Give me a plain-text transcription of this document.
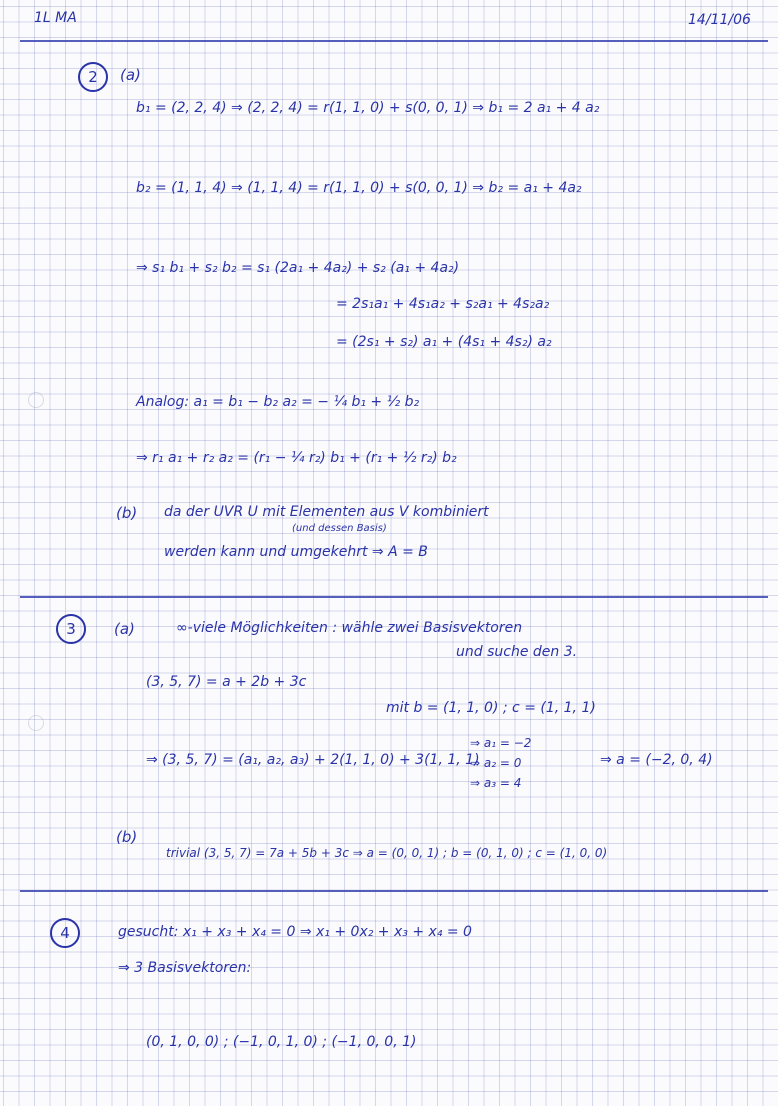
1L MA	14/11/06
2	(a)
b₁ = (2, 2, 4) ⇒ (2, 2, 4) = r(1, 1, 0) + s(0, 0, 1) ⇒ b₁ = 2 a₁ + 4 a₂
b₂ = (1, 1, 4) ⇒ (1, 1, 4) = r(1, 1, 0) + s(0, 0, 1) ⇒ b₂ = a₁ + 4a₂
⇒ s₁ b₁ + s₂ b₂ = s₁ (2a₁ + 4a₂) + s₂ (a₁ + 4a₂)
= 2s₁a₁ + 4s₁a₂ + s₂a₁ + 4s₂a₂
= (2s₁ + s₂) a₁ + (4s₁ + 4s₂) a₂
Analog: a₁ = b₁ − b₂ a₂ = − ¼ b₁ + ½ b₂
⇒ r₁ a₁ + r₂ a₂ = (r₁ − ¼ r₂) b₁ + (r₁ + ½ r₂) b₂
(b) da der UVR U mit Elementen aus V kombiniert
(und dessen Basis)
werden kann und umgekehrt ⇒ A = B
3	(a)	∞-viele Möglichkeiten : wähle zwei Basisvektoren
und suche den 3.
(3, 5, 7) = a + 2b + 3c
mit b = (1, 1, 0) ; c = (1, 1, 1)
⇒ (3, 5, 7) = (a₁, a₂, a₃) + 2(1, 1, 0) + 3(1, 1, 1)
⇒ a₁ = −2
⇒ a₂ = 0
⇒ a₃ = 4
⇒ a = (−2, 0, 4)
(b)
trivial (3, 5, 7) = 7a + 5b + 3c ⇒ a = (0, 0, 1) ; b = (0, 1, 0) ; c = (1, 0, 0)
4	gesucht: x₁ + x₃ + x₄ = 0 ⇒ x₁ + 0x₂ + x₃ + x₄ = 0
⇒ 3 Basisvektoren:
(0, 1, 0, 0) ; (−1, 0, 1, 0) ; (−1, 0, 0, 1)
